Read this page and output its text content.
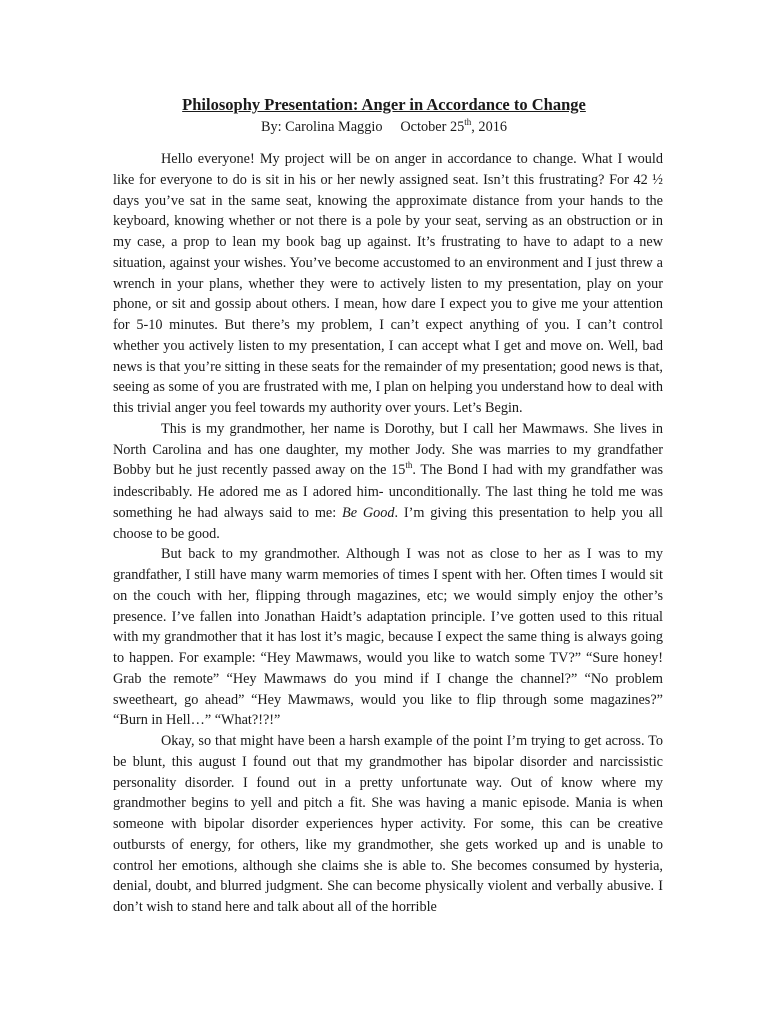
Philosophy Presentation: Anger in Accordance to Change
By: Carolina Maggio     October 25th, 2016

Hello everyone! My project will be on anger in accordance to change. What I would like for everyone to do is sit in his or her newly assigned seat. Isn’t this frustrating? For 42 ½ days you’ve sat in the same seat, knowing the approximate distance from your hands to the keyboard, knowing whether or not there is a pole by your seat, serving as an obstruction or in my case, a prop to lean my book bag up against. It’s frustrating to have to adapt to a new situation, against your wishes. You’ve become accustomed to an environment and I just threw a wrench in your plans, whether they were to actively listen to my presentation, play on your phone, or sit and gossip about others. I mean, how dare I expect you to give me your attention for 5-10 minutes. But there’s my problem, I can’t expect anything of you. I can’t control whether you actively listen to my presentation, I can accept what I get and move on. Well, bad news is that you’re sitting in these seats for the remainder of my presentation; good news is that, seeing as some of you are frustrated with me, I plan on helping you understand how to deal with this trivial anger you feel towards my authority over yours. Let’s Begin.

This is my grandmother, her name is Dorothy, but I call her Mawmaws. She lives in North Carolina and has one daughter, my mother Jody. She was marries to my grandfather Bobby but he just recently passed away on the 15th. The Bond I had with my grandfather was indescribably. He adored me as I adored him- unconditionally. The last thing he told me was something he had always said to me: Be Good. I’m giving this presentation to help you all choose to be good.

But back to my grandmother. Although I was not as close to her as I was to my grandfather, I still have many warm memories of times I spent with her. Often times I would sit on the couch with her, flipping through magazines, etc; we would simply enjoy the other’s presence. I’ve fallen into Jonathan Haidt’s adaptation principle. I’ve gotten used to this ritual with my grandmother that it has lost it’s magic, because I expect the same thing is always going to happen. For example: “Hey Mawmaws, would you like to watch some TV?” “Sure honey! Grab the remote” “Hey Mawmaws do you mind if I change the channel?” “No problem sweetheart, go ahead” “Hey Mawmaws, would you like to flip through some magazines?” “Burn in Hell…” “What?!?!”

Okay, so that might have been a harsh example of the point I’m trying to get across. To be blunt, this august I found out that my grandmother has bipolar disorder and narcissistic personality disorder. I found out in a pretty unfortunate way. Out of know where my grandmother begins to yell and pitch a fit. She was having a manic episode. Mania is when someone with bipolar disorder experiences hyper activity. For some, this can be creative outbursts of energy, for others, like my grandmother, she gets worked up and is unable to control her emotions, although she claims she is able to. She becomes consumed by hysteria, denial, doubt, and blurred judgment. She can become physically violent and verbally abusive. I don’t wish to stand here and talk about all of the horrible
